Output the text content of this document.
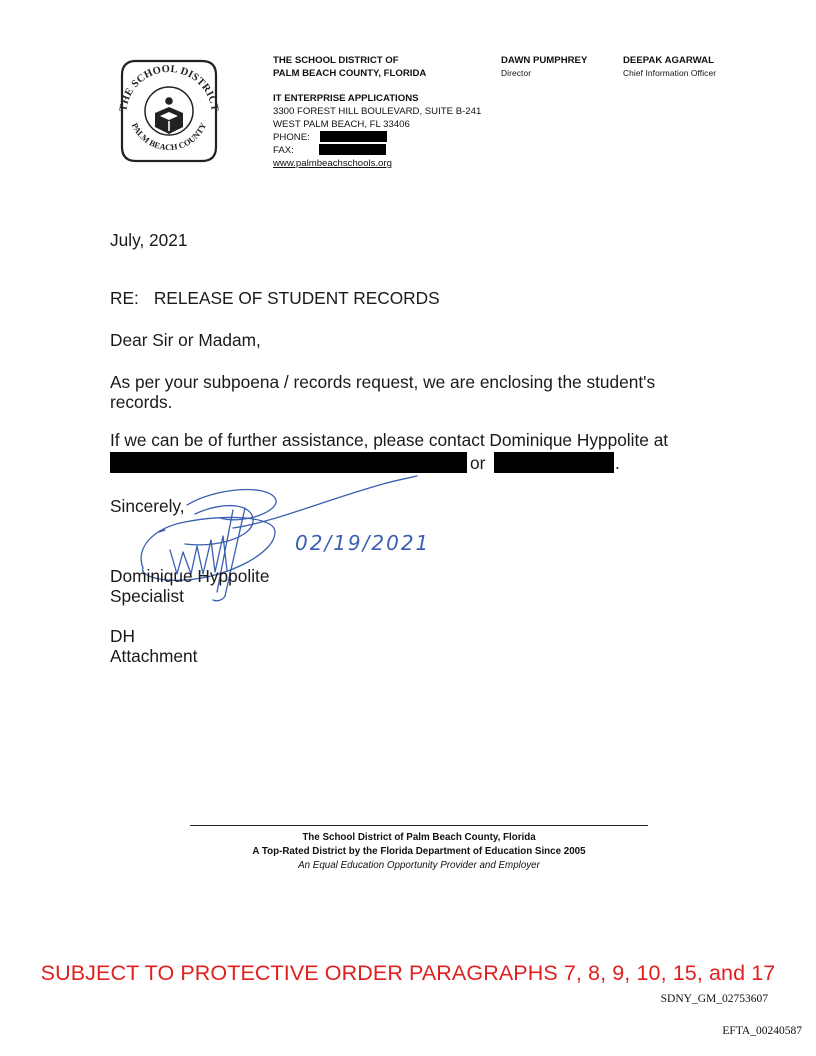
THE SCHOOL DISTRICT
PALM BEACH COUNTY
THE SCHOOL DISTRICT OF
PALM BEACH COUNTY, FLORIDA
IT ENTERPRISE APPLICATIONS
3300 FOREST HILL BOULEVARD, SUITE B-241
WEST PALM BEACH, FL 33406
PHONE:
FAX:
www.palmbeachschools.org
DAWN PUMPHREY
Director
DEEPAK AGARWAL
Chief Information Officer
July, 2021
RE: RELEASE OF STUDENT RECORDS
Dear Sir or Madam,
As per your subpoena / records request, we are enclosing the student's
records.
If we can be of further assistance, please contact Dominique Hyppolite at
or	.
Sincerely,
02/19/2021
Dominique Hyppolite
Specialist
DH
Attachment
The School District of Palm Beach County, Florida
A Top-Rated District by the Florida Department of Education Since 2005
An Equal Education Opportunity Provider and Employer
SUBJECT TO PROTECTIVE ORDER PARAGRAPHS 7, 8, 9, 10, 15, and 17
SDNY_GM_02753607
EFTA_00240587
